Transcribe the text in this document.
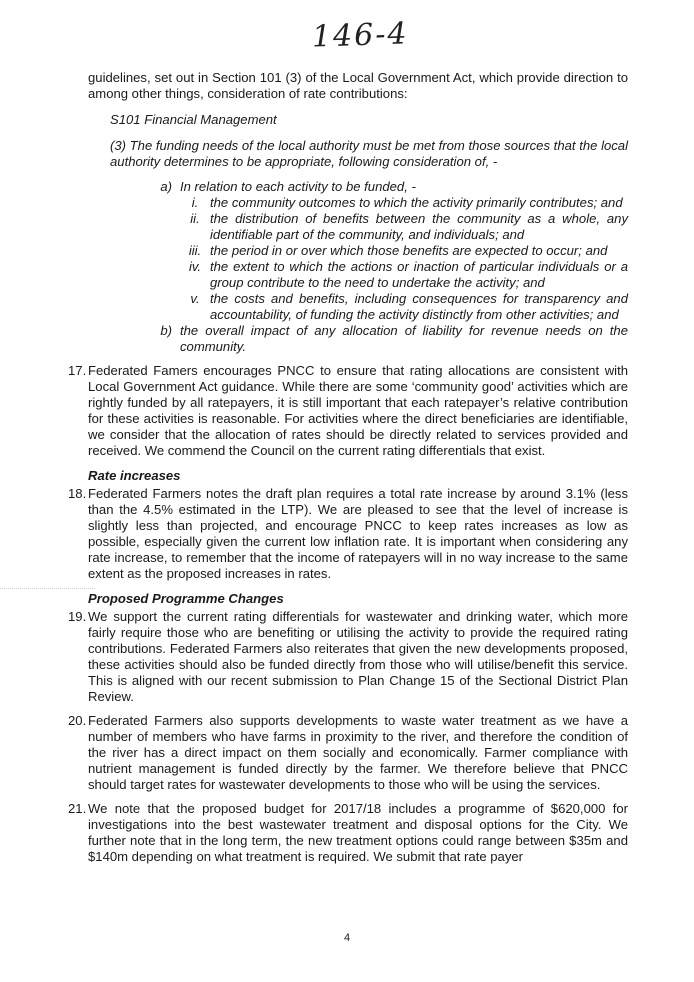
146-4

guidelines, set out in Section 101 (3) of the Local Government Act, which provide direction to among other things, consideration of rate contributions:

S101 Financial Management

(3) The funding needs of the local authority must be met from those sources that the local authority determines to be appropriate, following consideration of, -

a) In relation to each activity to be funded, -
i. the community outcomes to which the activity primarily contributes; and
ii. the distribution of benefits between the community as a whole, any identifiable part of the community, and individuals; and
iii. the period in or over which those benefits are expected to occur; and
iv. the extent to which the actions or inaction of particular individuals or a group contribute to the need to undertake the activity; and
v. the costs and benefits, including consequences for transparency and accountability, of funding the activity distinctly from other activities; and
b) the overall impact of any allocation of liability for revenue needs on the community.
17. Federated Famers encourages PNCC to ensure that rating allocations are consistent with Local Government Act guidance. While there are some ‘community good’ activities which are rightly funded by all ratepayers, it is still important that each ratepayer’s relative contribution for these activities is reasonable. For activities where the direct beneficiaries are identifiable, we consider that the allocation of rates should be directly related to services provided and received. We commend the Council on the current rating differentials that exist.

Rate increases

18. Federated Farmers notes the draft plan requires a total rate increase by around 3.1% (less than the 4.5% estimated in the LTP). We are pleased to see that the level of increase is slightly less than projected, and encourage PNCC to keep rates increases as low as possible, especially given the current low inflation rate. It is important when considering any rate increase, to remember that the income of ratepayers will in no way increase to the same extent as the proposed increases in rates.

Proposed Programme Changes

19. We support the current rating differentials for wastewater and drinking water, which more fairly require those who are benefiting or utilising the activity to provide the required rating contributions. Federated Farmers also reiterates that given the new developments proposed, these activities should also be funded directly from those who will utilise/benefit this service. This is aligned with our recent submission to Plan Change 15 of the Sectional District Plan Review.
20. Federated Farmers also supports developments to waste water treatment as we have a number of members who have farms in proximity to the river, and therefore the condition of the river has a direct impact on them socially and economically. Farmer compliance with nutrient management is funded directly by the farmer. We therefore believe that PNCC should target rates for wastewater developments to those who will be using the services.
21. We note that the proposed budget for 2017/18 includes a programme of $620,000 for investigations into the best wastewater treatment and disposal options for the City. We further note that in the long term, the new treatment options could range between $35m and $140m depending on what treatment is required. We submit that rate payer
4
